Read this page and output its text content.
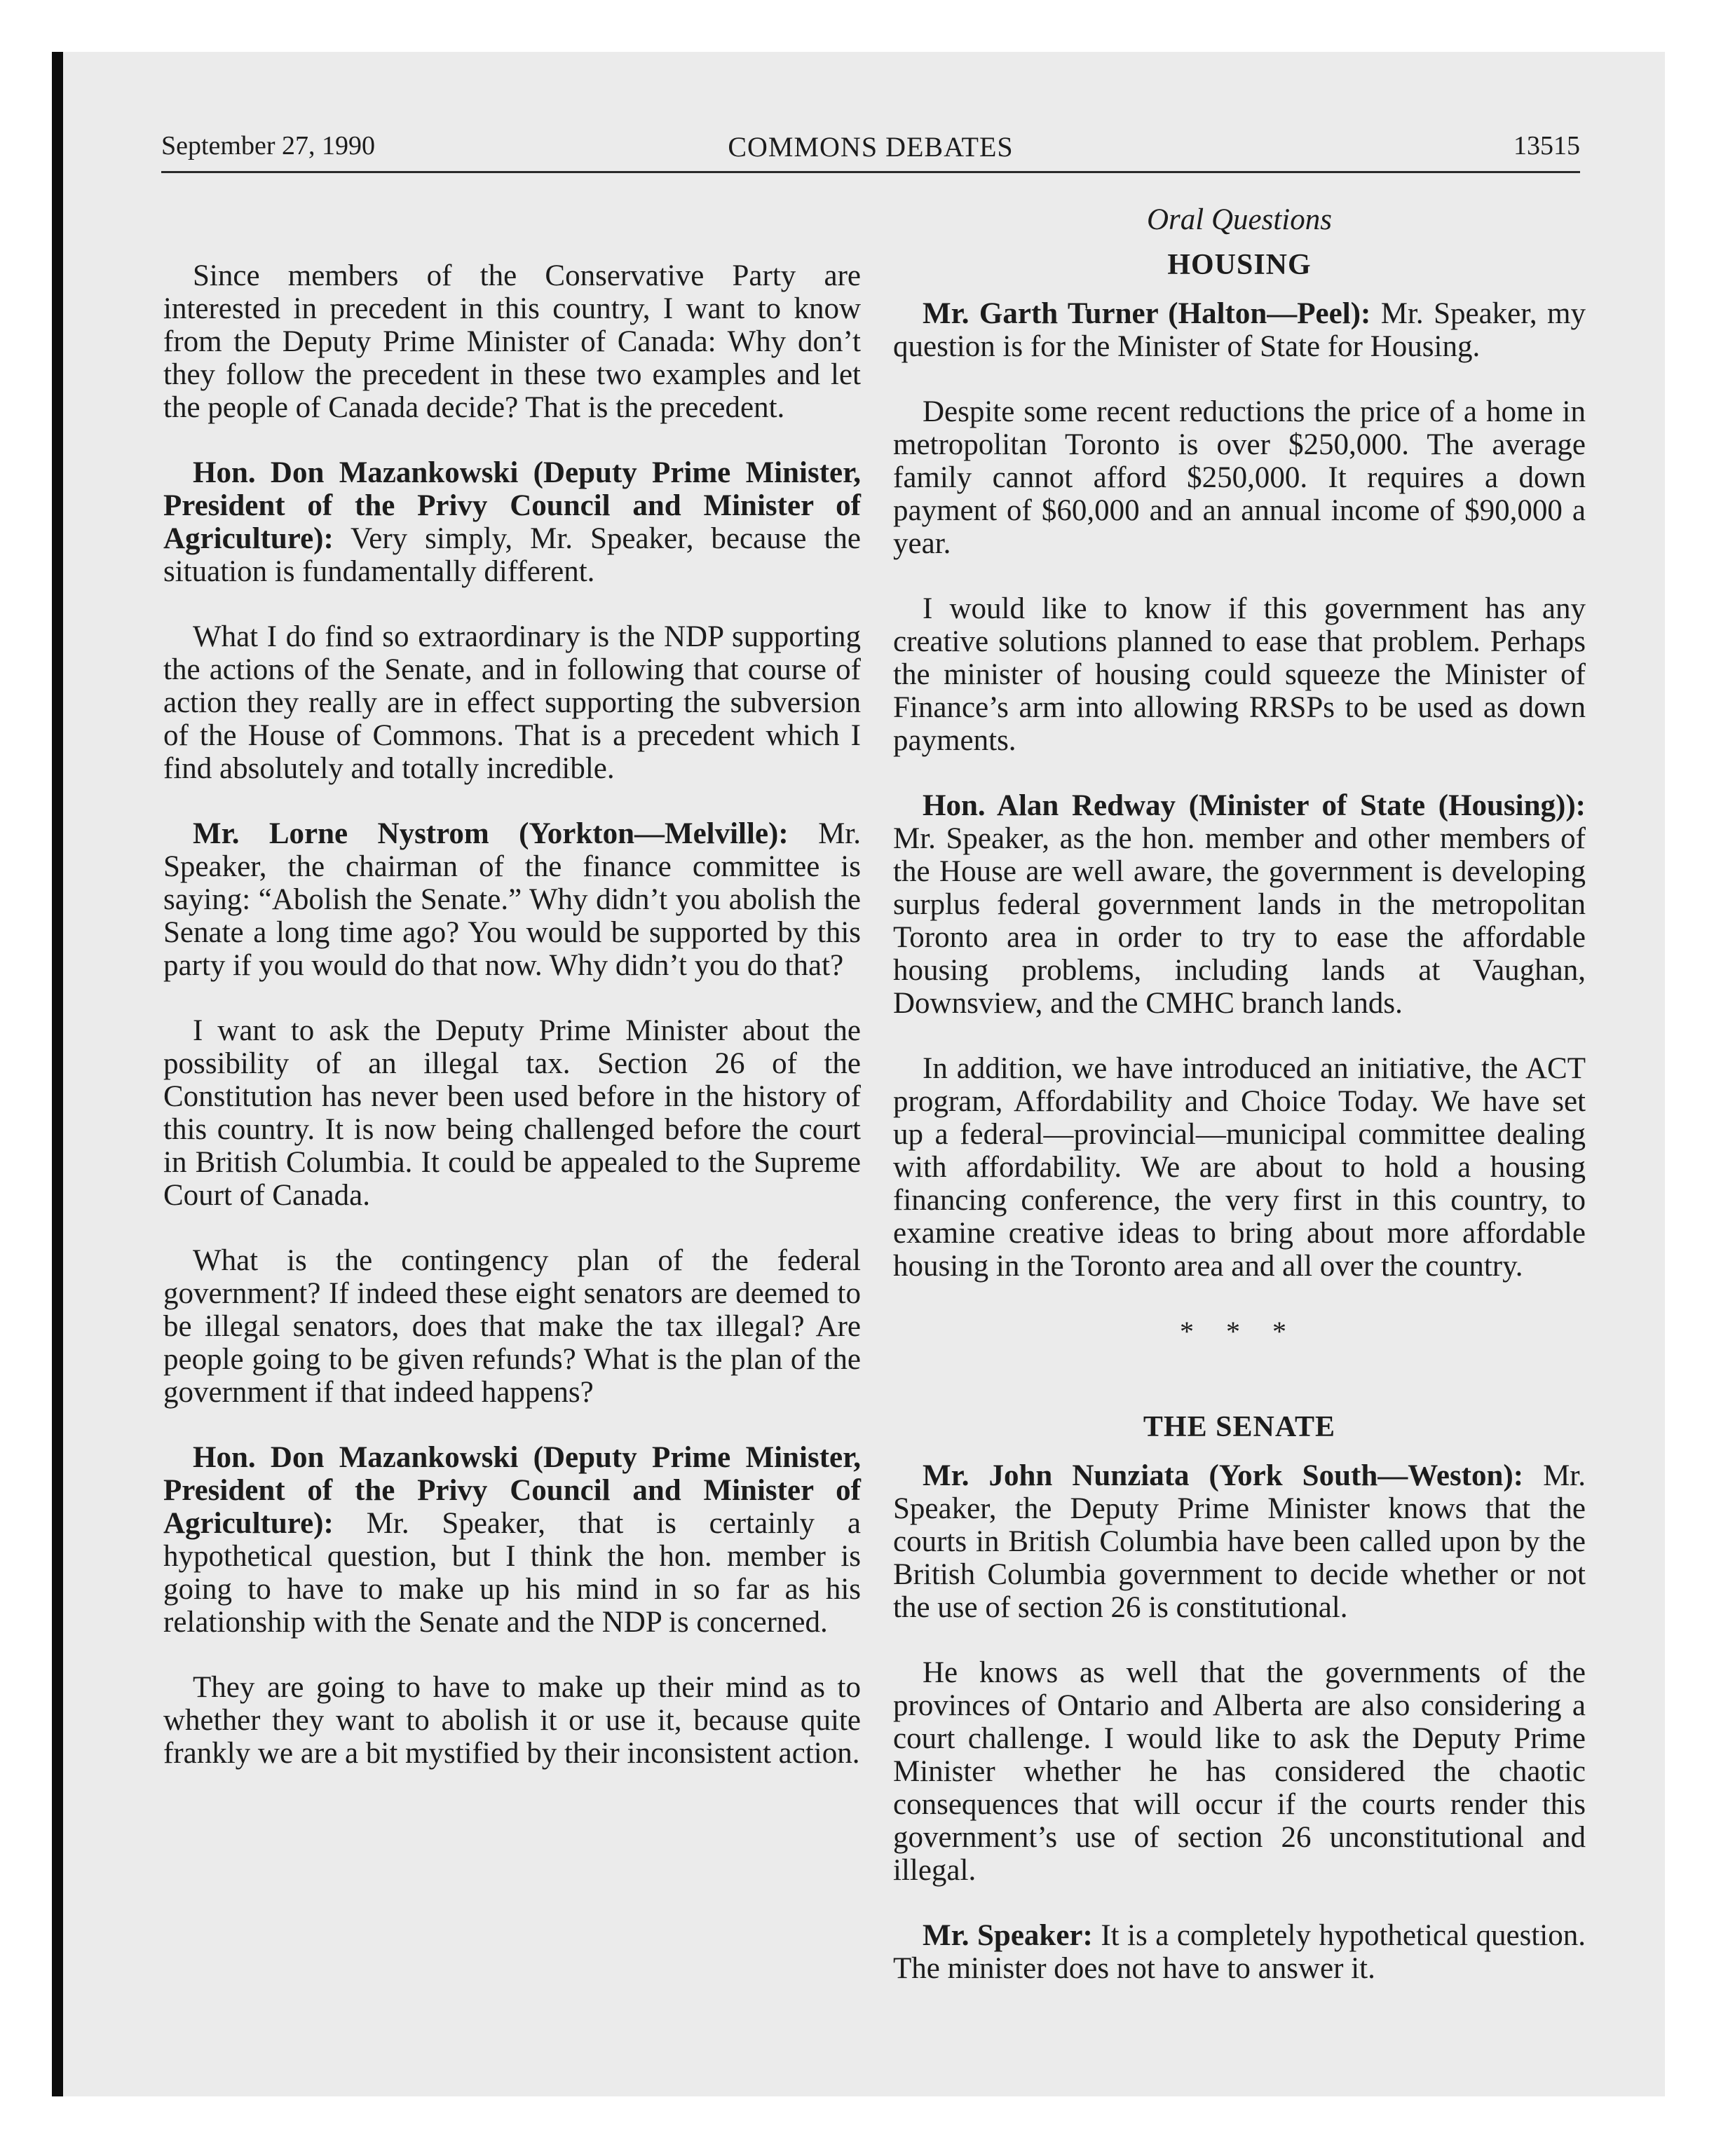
September 27, 1990	COMMONS DEBATES	13515

Since members of the Conservative Party are interested in precedent in this country, I want to know from the Deputy Prime Minister of Canada: Why don’t they follow the precedent in these two examples and let the people of Canada decide? That is the precedent.

Hon. Don Mazankowski (Deputy Prime Minister, President of the Privy Council and Minister of Agriculture): Very simply, Mr. Speaker, because the situation is fundamentally different.

What I do find so extraordinary is the NDP supporting the actions of the Senate, and in following that course of action they really are in effect supporting the subversion of the House of Commons. That is a precedent which I find absolutely and totally incredible.

Mr. Lorne Nystrom (Yorkton—Melville): Mr. Speaker, the chairman of the finance committee is saying: “Abolish the Senate.” Why didn’t you abolish the Senate a long time ago? You would be supported by this party if you would do that now. Why didn’t you do that?

I want to ask the Deputy Prime Minister about the possibility of an illegal tax. Section 26 of the Constitution has never been used before in the history of this country. It is now being challenged before the court in British Columbia. It could be appealed to the Supreme Court of Canada.

What is the contingency plan of the federal government? If indeed these eight senators are deemed to be illegal senators, does that make the tax illegal? Are people going to be given refunds? What is the plan of the government if that indeed happens?

Hon. Don Mazankowski (Deputy Prime Minister, President of the Privy Council and Minister of Agriculture): Mr. Speaker, that is certainly a hypothetical question, but I think the hon. member is going to have to make up his mind in so far as his relationship with the Senate and the NDP is concerned.

They are going to have to make up their mind as to whether they want to abolish it or use it, because quite frankly we are a bit mystified by their inconsistent action.

Oral Questions
HOUSING

Mr. Garth Turner (Halton—Peel): Mr. Speaker, my question is for the Minister of State for Housing.

Despite some recent reductions the price of a home in metropolitan Toronto is over $250,000. The average family cannot afford $250,000. It requires a down payment of $60,000 and an annual income of $90,000 a year.

I would like to know if this government has any creative solutions planned to ease that problem. Perhaps the minister of housing could squeeze the Minister of Finance’s arm into allowing RRSPs to be used as down payments.

Hon. Alan Redway (Minister of State (Housing)): Mr. Speaker, as the hon. member and other members of the House are well aware, the government is developing surplus federal government lands in the metropolitan Toronto area in order to try to ease the affordable housing problems, including lands at Vaughan, Downsview, and the CMHC branch lands.

In addition, we have introduced an initiative, the ACT program, Affordability and Choice Today. We have set up a federal—provincial—municipal committee dealing with affordability. We are about to hold a housing financing conference, the very first in this country, to examine creative ideas to bring about more affordable housing in the Toronto area and all over the country.

* * *
THE SENATE

Mr. John Nunziata (York South—Weston): Mr. Speaker, the Deputy Prime Minister knows that the courts in British Columbia have been called upon by the British Columbia government to decide whether or not the use of section 26 is constitutional.

He knows as well that the governments of the provinces of Ontario and Alberta are also considering a court challenge. I would like to ask the Deputy Prime Minister whether he has considered the chaotic consequences that will occur if the courts render this government’s use of section 26 unconstitutional and illegal.

Mr. Speaker: It is a completely hypothetical question. The minister does not have to answer it.
